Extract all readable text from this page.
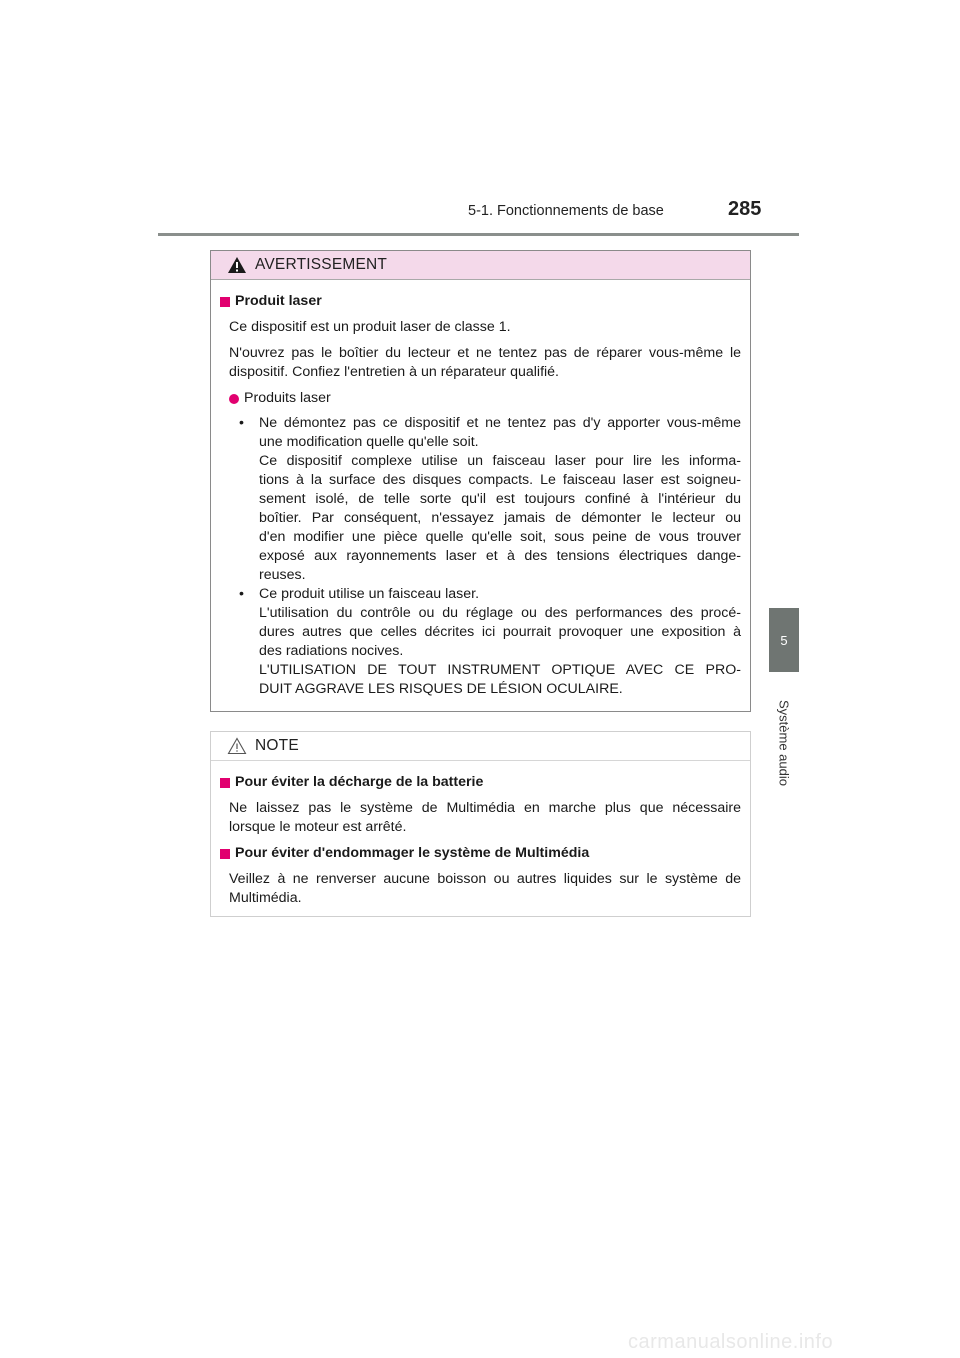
5-1. Fonctionnements de base	285
5
Système audio
AVERTISSEMENT
Produit laser
Ce dispositif est un produit laser de classe 1.
N'ouvrez pas le boîtier du lecteur et ne tentez pas de réparer vous-même le
dispositif. Confiez l'entretien à un réparateur qualifié.
Produits laser
•	Ne démontez pas ce dispositif et ne tentez pas d'y apporter vous-même
une modification quelle qu'elle soit.
Ce dispositif complexe utilise un faisceau laser pour lire les informa-
tions à la surface des disques compacts. Le faisceau laser est soigneu-
sement isolé, de telle sorte qu'il est toujours confiné à l'intérieur du
boîtier. Par conséquent, n'essayez jamais de démonter le lecteur ou
d'en modifier une pièce quelle qu'elle soit, sous peine de vous trouver
exposé aux rayonnements laser et à des tensions électriques dange-
reuses.
•	Ce produit utilise un faisceau laser.
L'utilisation du contrôle ou du réglage ou des performances des procé-
dures autres que celles décrites ici pourrait provoquer une exposition à
des radiations nocives.
L'UTILISATION DE TOUT INSTRUMENT OPTIQUE AVEC CE PRO-
DUIT AGGRAVE LES RISQUES DE LÉSION OCULAIRE.
NOTE
Pour éviter la décharge de la batterie
Ne laissez pas le système de Multimédia en marche plus que nécessaire
lorsque le moteur est arrêté.
Pour éviter d'endommager le système de Multimédia
Veillez à ne renverser aucune boisson ou autres liquides sur le système de
Multimédia.
carmanualsonline.info
